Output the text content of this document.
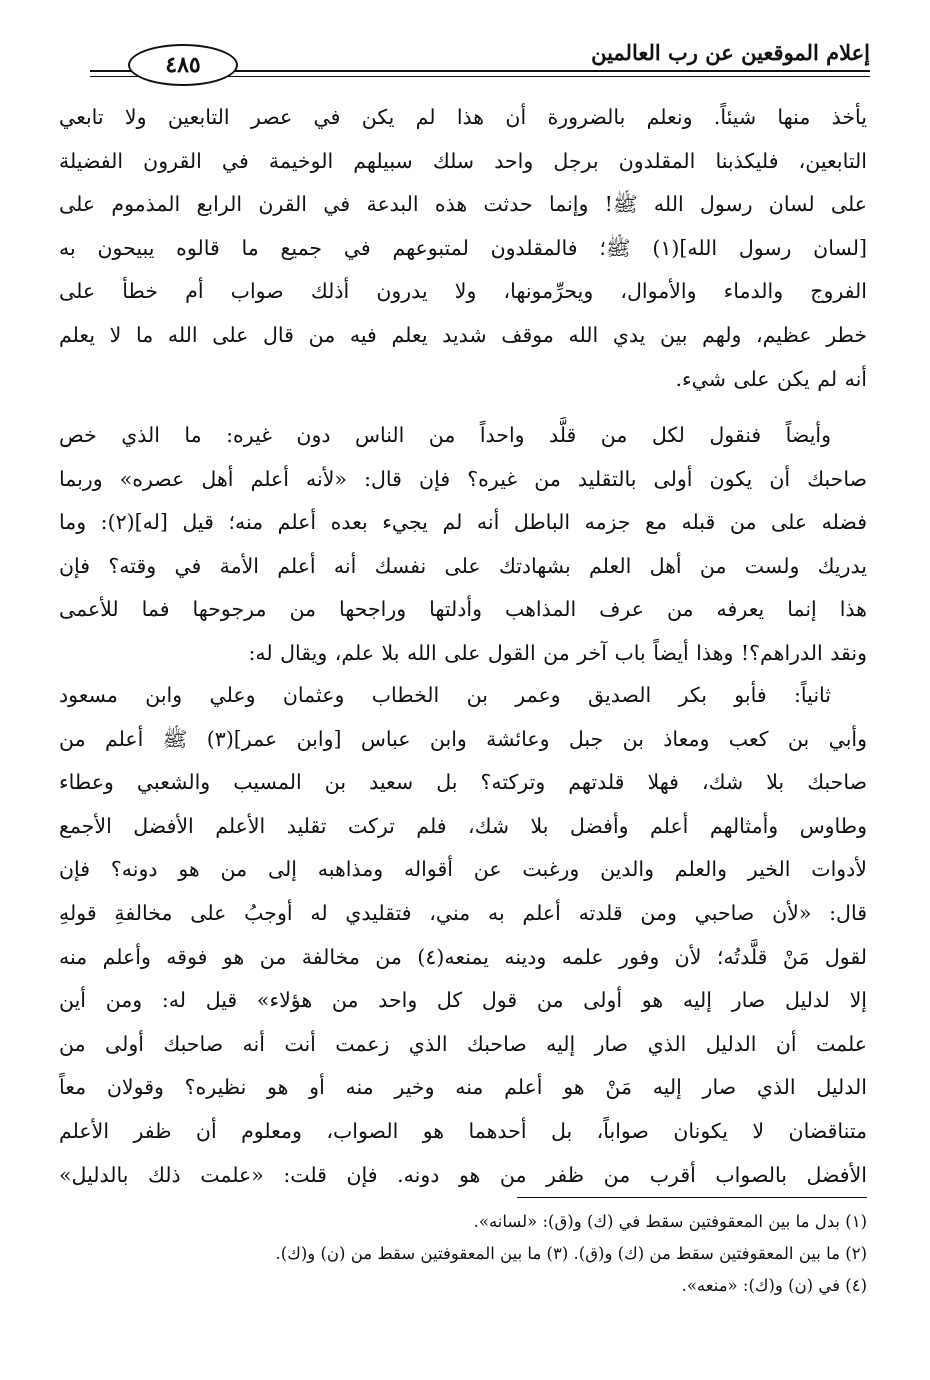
إعلام الموقعين عن رب العالمين
٤٨٥
يأخذ منها شيئاً. ونعلم بالضرورة أن هذا لم يكن في عصر التابعين ولا تابعي
التابعين، فليكذبنا المقلدون برجل واحد سلك سبيلهم الوخيمة في القرون الفضيلة
على لسان رسول الله ﷺ! وإنما حدثت هذه البدعة في القرن الرابع المذموم على
[لسان رسول الله](١) ﷺ؛ فالمقلدون لمتبوعهم في جميع ما قالوه يبيحون به
الفروج والدماء والأموال، ويحرِّمونها، ولا يدرون أذلك صواب أم خطأ على
خطر عظيم، ولهم بين يدي الله موقف شديد يعلم فيه من قال على الله ما لا يعلم
أنه لم يكن على شيء.
وأيضاً فنقول لكل من قلَّد واحداً من الناس دون غيره: ما الذي خص
صاحبك أن يكون أولى بالتقليد من غيره؟ فإن قال: «لأنه أعلم أهل عصره» وربما
فضله على من قبله مع جزمه الباطل أنه لم يجيء بعده أعلم منه؛ قيل [له](٢): وما
يدريك ولست من أهل العلم بشهادتك على نفسك أنه أعلم الأمة في وقته؟ فإن
هذا إنما يعرفه من عرف المذاهب وأدلتها وراجحها من مرجوحها فما للأعمى
ونقد الدراهم؟! وهذا أيضاً باب آخر من القول على الله بلا علم، ويقال له:
ثانياً: فأبو بكر الصديق وعمر بن الخطاب وعثمان وعلي وابن مسعود
وأبي بن كعب ومعاذ بن جبل وعائشة وابن عباس [وابن عمر](٣) ﷺ أعلم من
صاحبك بلا شك، فهلا قلدتهم وتركته؟ بل سعيد بن المسيب والشعبي وعطاء
وطاوس وأمثالهم أعلم وأفضل بلا شك، فلم تركت تقليد الأعلم الأفضل الأجمع
لأدوات الخير والعلم والدين ورغبت عن أقواله ومذاهبه إلى من هو دونه؟ فإن
قال: «لأن صاحبي ومن قلدته أعلم به مني، فتقليدي له أوجبُ على مخالفةِ قولهِ
لقول مَنْ قلَّدتُه؛ لأن وفور علمه ودينه يمنعه(٤) من مخالفة من هو فوقه وأعلم منه
إلا لدليل صار إليه هو أولى من قول كل واحد من هؤلاء» قيل له: ومن أين
علمت أن الدليل الذي صار إليه صاحبك الذي زعمت أنت أنه صاحبك أولى من
الدليل الذي صار إليه مَنْ هو أعلم منه وخير منه أو هو نظيره؟ وقولان معاً
متناقضان لا يكونان صواباً، بل أحدهما هو الصواب، ومعلوم أن ظفر الأعلم
الأفضل بالصواب أقرب من ظفر من هو دونه. فإن قلت: «علمت ذلك بالدليل»
(١) بدل ما بين المعقوفتين سقط في (ك) و(ق): «لسانه».
(٢) ما بين المعقوفتين سقط من (ك) و(ق). (٣) ما بين المعقوفتين سقط من (ن) و(ك).
(٤) في (ن) و(ك): «منعه».
